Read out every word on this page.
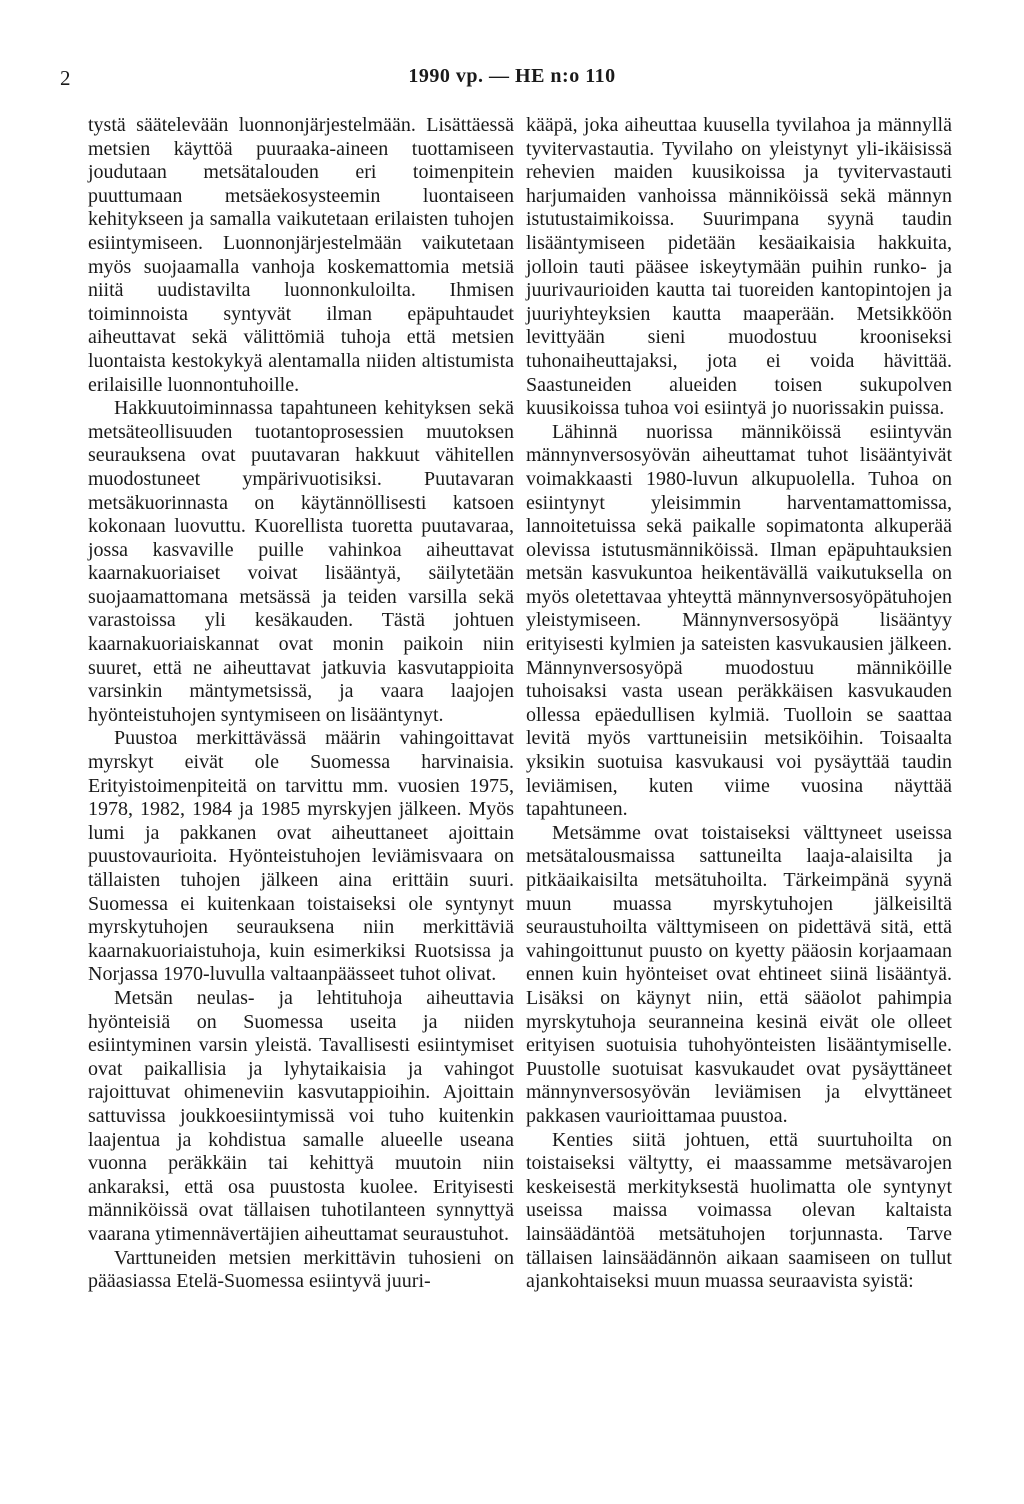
2	1990 vp. — HE n:o 110

tystä säätelevään luonnonjärjestelmään. Lisättäessä metsien käyttöä puuraaka-aineen tuottamiseen joudutaan metsätalouden eri toimenpitein puuttumaan metsäekosysteemin luontaiseen kehitykseen ja samalla vaikutetaan erilaisten tuhojen esiintymiseen. Luonnonjärjestelmään vaikutetaan myös suojaamalla vanhoja koskemattomia metsiä niitä uudistavilta luonnonkuloilta. Ihmisen toiminnoista syntyvät ilman epäpuhtaudet aiheuttavat sekä välittömiä tuhoja että metsien luontaista kestokykyä alentamalla niiden altistumista erilaisille luonnontuhoille.

Hakkuutoiminnassa tapahtuneen kehityksen sekä metsäteollisuuden tuotantoprosessien muutoksen seurauksena ovat puutavaran hakkuut vähitellen muodostuneet ympärivuotisiksi. Puutavaran metsäkuorinnasta on käytännöllisesti katsoen kokonaan luovuttu. Kuorellista tuoretta puutavaraa, jossa kasvaville puille vahinkoa aiheuttavat kaarnakuoriaiset voivat lisääntyä, säilytetään suojaamattomana metsässä ja teiden varsilla sekä varastoissa yli kesäkauden. Tästä johtuen kaarnakuoriaiskannat ovat monin paikoin niin suuret, että ne aiheuttavat jatkuvia kasvutappioita varsinkin mäntymetsissä, ja vaara laajojen hyönteistuhojen syntymiseen on lisääntynyt.

Puustoa merkittävässä määrin vahingoittavat myrskyt eivät ole Suomessa harvinaisia. Erityistoimenpiteitä on tarvittu mm. vuosien 1975, 1978, 1982, 1984 ja 1985 myrskyjen jälkeen. Myös lumi ja pakkanen ovat aiheuttaneet ajoittain puustovaurioita. Hyönteistuhojen leviämisvaara on tällaisten tuhojen jälkeen aina erittäin suuri. Suomessa ei kuitenkaan toistaiseksi ole syntynyt myrskytuhojen seurauksena niin merkittäviä kaarnakuoriaistuhoja, kuin esimerkiksi Ruotsissa ja Norjassa 1970-luvulla valtaanpäässeet tuhot olivat.

Metsän neulas- ja lehtituhoja aiheuttavia hyönteisiä on Suomessa useita ja niiden esiintyminen varsin yleistä. Tavallisesti esiintymiset ovat paikallisia ja lyhytaikaisia ja vahingot rajoittuvat ohimeneviin kasvutappioihin. Ajoittain sattuvissa joukkoesiintymissä voi tuho kuitenkin laajentua ja kohdistua samalle alueelle useana vuonna peräkkäin tai kehittyä muutoin niin ankaraksi, että osa puustosta kuolee. Erityisesti männiköissä ovat tällaisen tuhotilanteen synnyttyä vaarana ytimennävertäjien aiheuttamat seuraustuhot.

Varttuneiden metsien merkittävin tuhosieni on pääasiassa Etelä-Suomessa esiintyvä juuri-

kääpä, joka aiheuttaa kuusella tyvilahoa ja männyllä tyvitervastautia. Tyvilaho on yleistynyt yli-ikäisissä rehevien maiden kuusikoissa ja tyvitervastauti harjumaiden vanhoissa männiköissä sekä männyn istutustaimikoissa. Suurimpana syynä taudin lisääntymiseen pidetään kesäaikaisia hakkuita, jolloin tauti pääsee iskeytymään puihin runko- ja juurivaurioiden kautta tai tuoreiden kantopintojen ja juuriyhteyksien kautta maaperään. Metsikköön levittyään sieni muodostuu krooniseksi tuhonaiheuttajaksi, jota ei voida hävittää. Saastuneiden alueiden toisen sukupolven kuusikoissa tuhoa voi esiintyä jo nuorissakin puissa.

Lähinnä nuorissa männiköissä esiintyvän männynversosyövän aiheuttamat tuhot lisääntyivät voimakkaasti 1980-luvun alkupuolella. Tuhoa on esiintynyt yleisimmin harventamattomissa, lannoitetuissa sekä paikalle sopimatonta alkuperää olevissa istutusmänniköissä. Ilman epäpuhtauksien metsän kasvukuntoa heikentävällä vaikutuksella on myös oletettavaa yhteyttä männynversosyöpätuhojen yleistymiseen. Männynversosyöpä lisääntyy erityisesti kylmien ja sateisten kasvukausien jälkeen. Männynversosyöpä muodostuu männiköille tuhoisaksi vasta usean peräkkäisen kasvukauden ollessa epäedullisen kylmiä. Tuolloin se saattaa levitä myös varttuneisiin metsiköihin. Toisaalta yksikin suotuisa kasvukausi voi pysäyttää taudin leviämisen, kuten viime vuosina näyttää tapahtuneen.

Metsämme ovat toistaiseksi välttyneet useissa metsätalousmaissa sattuneilta laaja-alaisilta ja pitkäaikaisilta metsätuhoilta. Tärkeimpänä syynä muun muassa myrskytuhojen jälkeisiltä seuraustuhoilta välttymiseen on pidettävä sitä, että vahingoittunut puusto on kyetty pääosin korjaamaan ennen kuin hyönteiset ovat ehtineet siinä lisääntyä. Lisäksi on käynyt niin, että sääolot pahimpia myrskytuhoja seuranneina kesinä eivät ole olleet erityisen suotuisia tuhohyönteisten lisääntymiselle. Puustolle suotuisat kasvukaudet ovat pysäyttäneet männynversosyövän leviämisen ja elvyttäneet pakkasen vaurioittamaa puustoa.

Kenties siitä johtuen, että suurtuhoilta on toistaiseksi vältytty, ei maassamme metsävarojen keskeisestä merkityksestä huolimatta ole syntynyt useissa maissa voimassa olevan kaltaista lainsäädäntöä metsätuhojen torjunnasta. Tarve tällaisen lainsäädännön aikaan saamiseen on tullut ajankohtaiseksi muun muassa seuraavista syistä:
